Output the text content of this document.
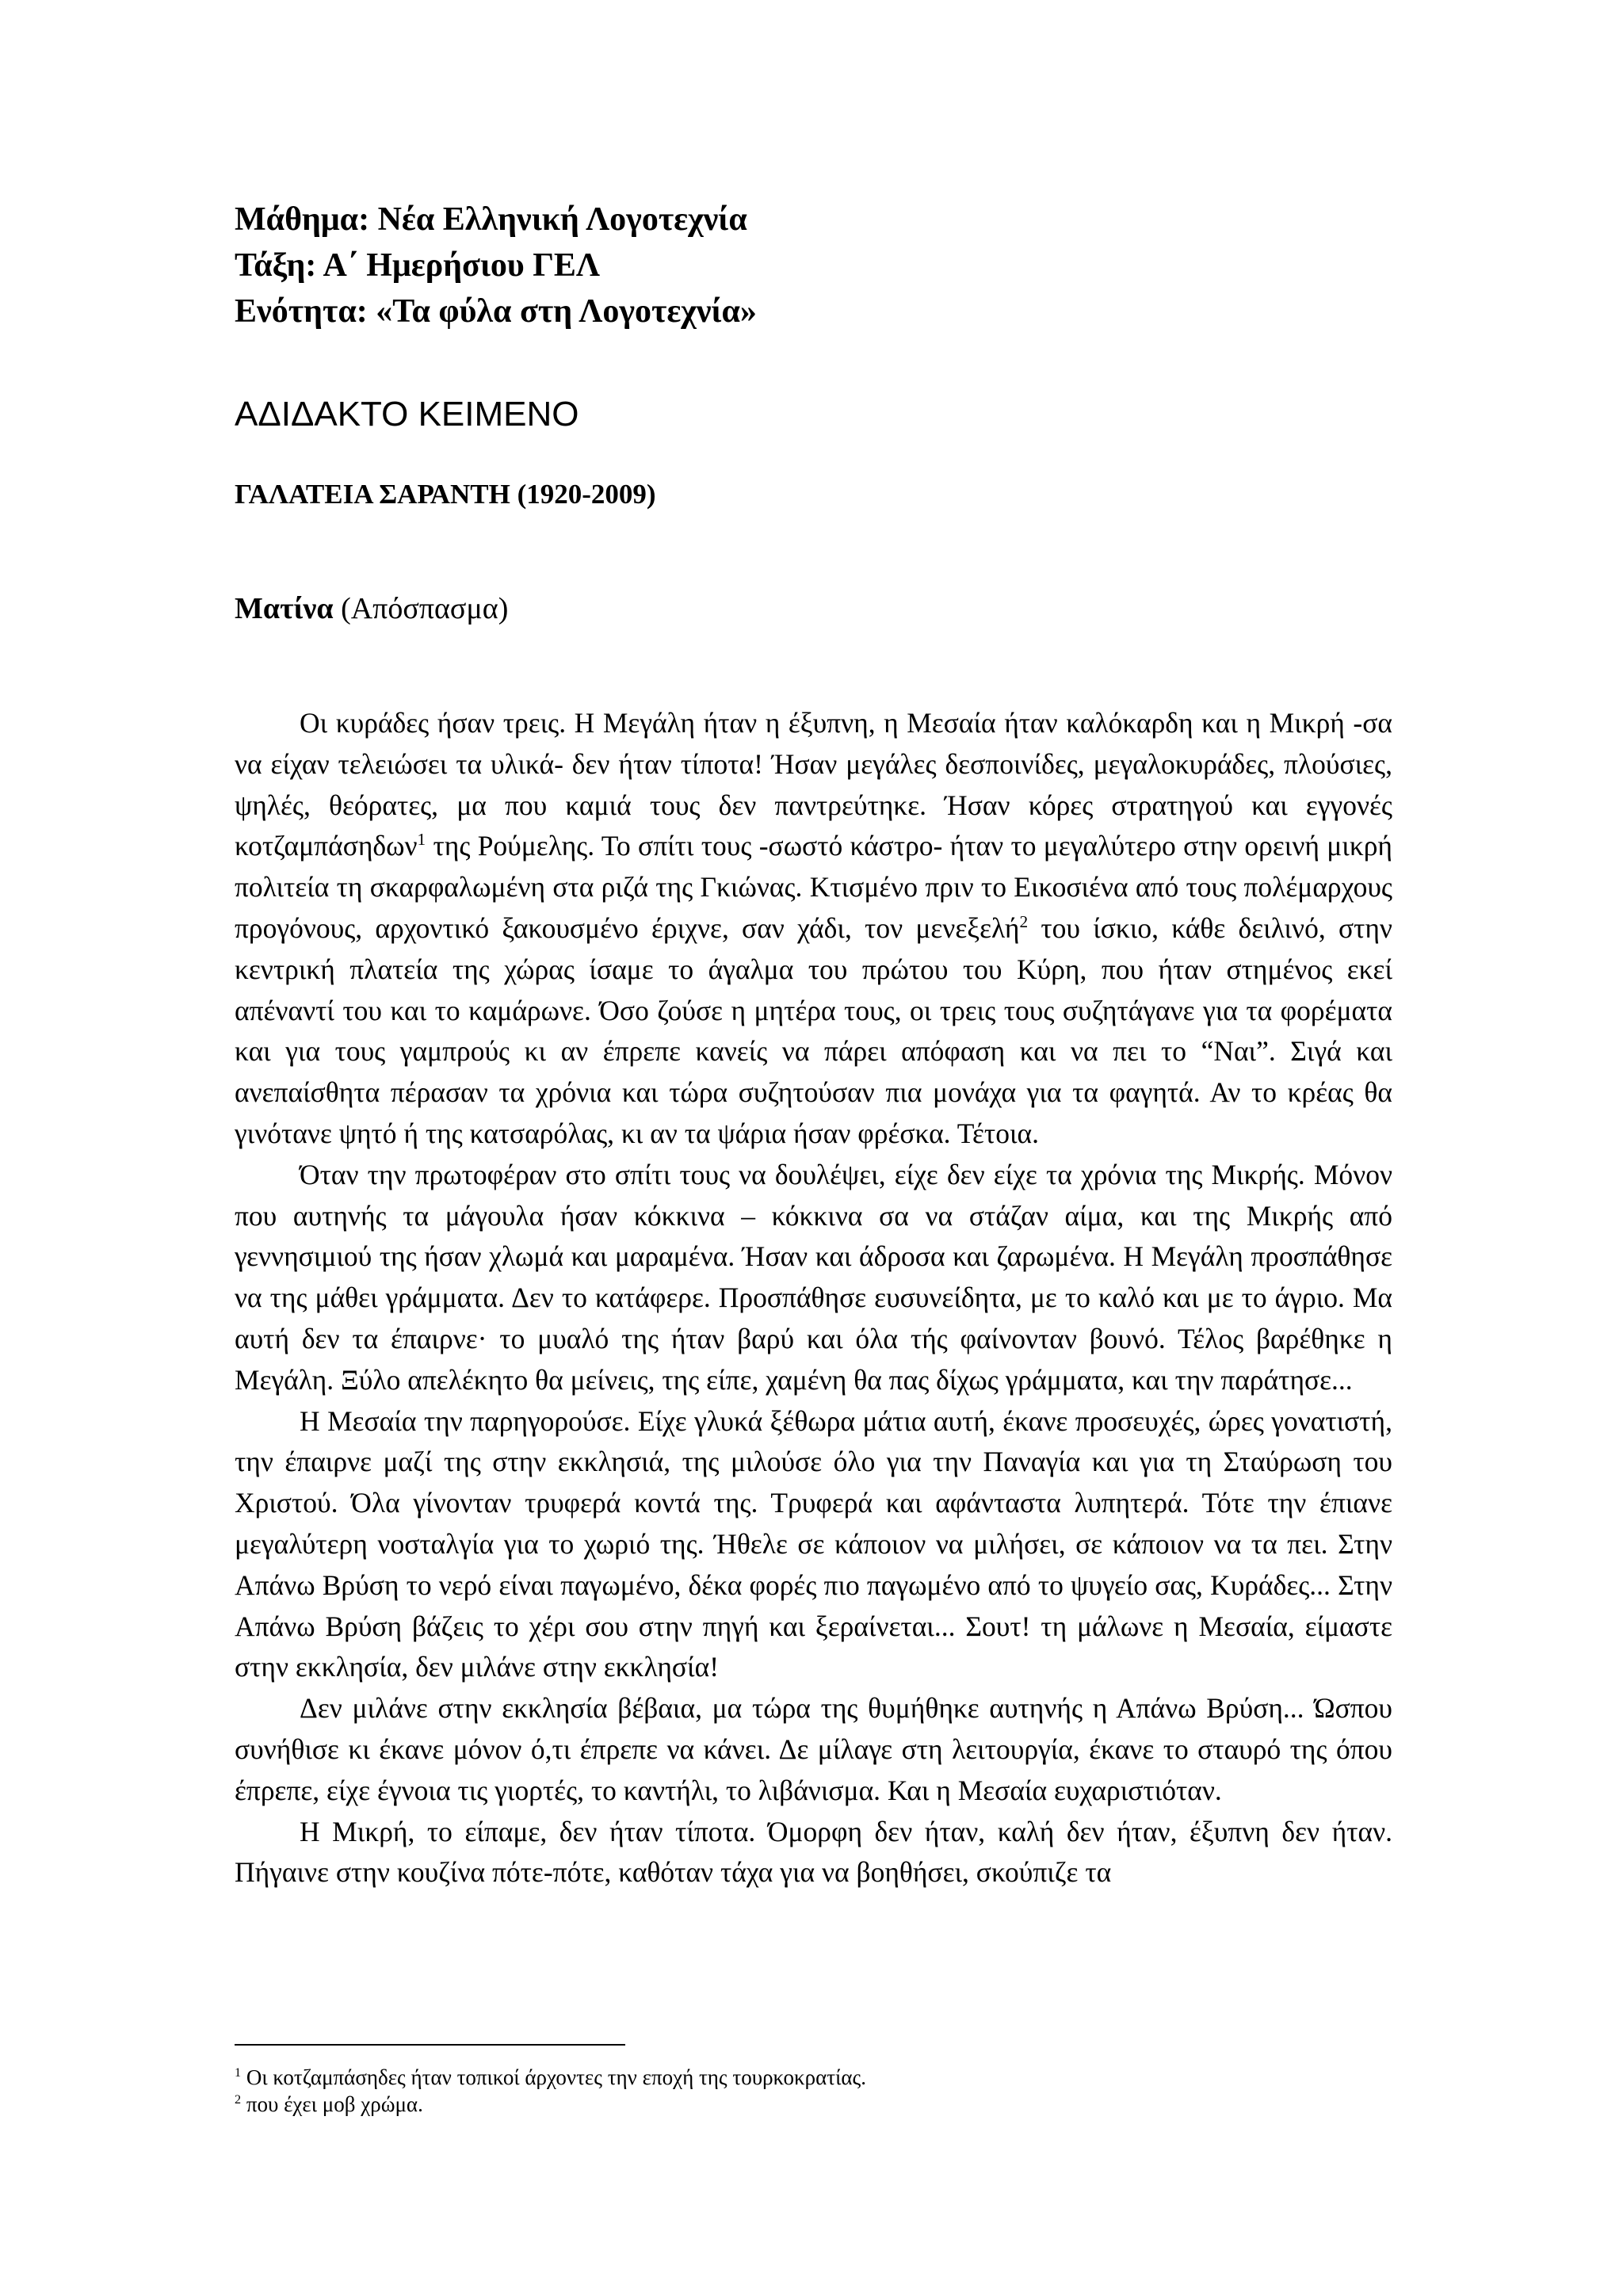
Μάθημα: Νέα Ελληνική Λογοτεχνία
Τάξη: Α΄ Ημερήσιου ΓΕΛ
Ενότητα: «Τα φύλα στη Λογοτεχνία»
ΑΔΙΔΑΚΤΟ ΚΕΙΜΕΝΟ
ΓΑΛΑΤΕΙΑ ΣΑΡΑΝΤΗ (1920-2009)
Ματίνα (Απόσπασμα)

Οι κυράδες ήσαν τρεις. Η Μεγάλη ήταν η έξυπνη, η Μεσαία ήταν καλόκαρδη και η Μικρή -σα να είχαν τελειώσει τα υλικά- δεν ήταν τίποτα! Ήσαν μεγάλες δεσποινίδες, μεγαλοκυράδες, πλούσιες, ψηλές, θεόρατες, μα που καμιά τους δεν παντρεύτηκε. Ήσαν κόρες στρατηγού και εγγονές κοτζαμπάσηδων$^1$ της Ρούμελης. Το σπίτι τους -σωστό κάστρο- ήταν το μεγαλύτερο στην ορεινή μικρή πολιτεία τη σκαρφαλωμένη στα ριζά της Γκιώνας. Κτισμένο πριν το Εικοσιένα από τους πολέμαρχους προγόνους, αρχοντικό ξακουσμένο έριχνε, σαν χάδι, τον μενεξελή$^2$ του ίσκιο, κάθε δειλινό, στην κεντρική πλατεία της χώρας ίσαμε το άγαλμα του πρώτου του Κύρη, που ήταν στημένος εκεί απέναντί του και το καμάρωνε. Όσο ζούσε η μητέρα τους, οι τρεις τους συζητάγανε για τα φορέματα και για τους γαμπρούς κι αν έπρεπε κανείς να πάρει απόφαση και να πει το “Ναι”. Σιγά και ανεπαίσθητα πέρασαν τα χρόνια και τώρα συζητούσαν πια μονάχα για τα φαγητά. Αν το κρέας θα γινότανε ψητό ή της κατσαρόλας, κι αν τα ψάρια ήσαν φρέσκα. Τέτοια.

Όταν την πρωτοφέραν στο σπίτι τους να δουλέψει, είχε δεν είχε τα χρόνια της Μικρής. Μόνον που αυτηνής τα μάγουλα ήσαν κόκκινα – κόκκινα σα να στάζαν αίμα, και της Μικρής από γεννησιμιού της ήσαν χλωμά και μαραμένα. Ήσαν και άδροσα και ζαρωμένα. Η Μεγάλη προσπάθησε να της μάθει γράμματα. Δεν το κατάφερε. Προσπάθησε ευσυνείδητα, με το καλό και με το άγριο. Μα αυτή δεν τα έπαιρνε· το μυαλό της ήταν βαρύ και όλα τής φαίνονταν βουνό. Τέλος βαρέθηκε η Μεγάλη. Ξύλο απελέκητο θα μείνεις, της είπε, χαμένη θα πας δίχως γράμματα, και την παράτησε...

Η Μεσαία την παρηγορούσε. Είχε γλυκά ξέθωρα μάτια αυτή, έκανε προσευχές, ώρες γονατιστή, την έπαιρνε μαζί της στην εκκλησιά, της μιλούσε όλο για την Παναγία και για τη Σταύρωση του Χριστού. Όλα γίνονταν τρυφερά κοντά της. Τρυφερά και αφάνταστα λυπητερά. Τότε την έπιανε μεγαλύτερη νοσταλγία για το χωριό της. Ήθελε σε κάποιον να μιλήσει, σε κάποιον να τα πει. Στην Απάνω Βρύση το νερό είναι παγωμένο, δέκα φορές πιο παγωμένο από το ψυγείο σας, Κυράδες... Στην Απάνω Βρύση βάζεις το χέρι σου στην πηγή και ξεραίνεται... Σουτ! τη μάλωνε η Μεσαία, είμαστε στην εκκλησία, δεν μιλάνε στην εκκλησία!

Δεν μιλάνε στην εκκλησία βέβαια, μα τώρα της θυμήθηκε αυτηνής η Απάνω Βρύση... Ώσπου συνήθισε κι έκανε μόνον ό,τι έπρεπε να κάνει. Δε μίλαγε στη λειτουργία, έκανε το σταυρό της όπου έπρεπε, είχε έγνοια τις γιορτές, το καντήλι, το λιβάνισμα. Και η Μεσαία ευχαριστιόταν.

Η Μικρή, το είπαμε, δεν ήταν τίποτα. Όμορφη δεν ήταν, καλή δεν ήταν, έξυπνη δεν ήταν. Πήγαινε στην κουζίνα πότε-πότε, καθόταν τάχα για να βοηθήσει, σκούπιζε τα

$^1$ Οι κοτζαμπάσηδες ήταν τοπικοί άρχοντες την εποχή της τουρκοκρατίας.
$^2$ που έχει μοβ χρώμα.
